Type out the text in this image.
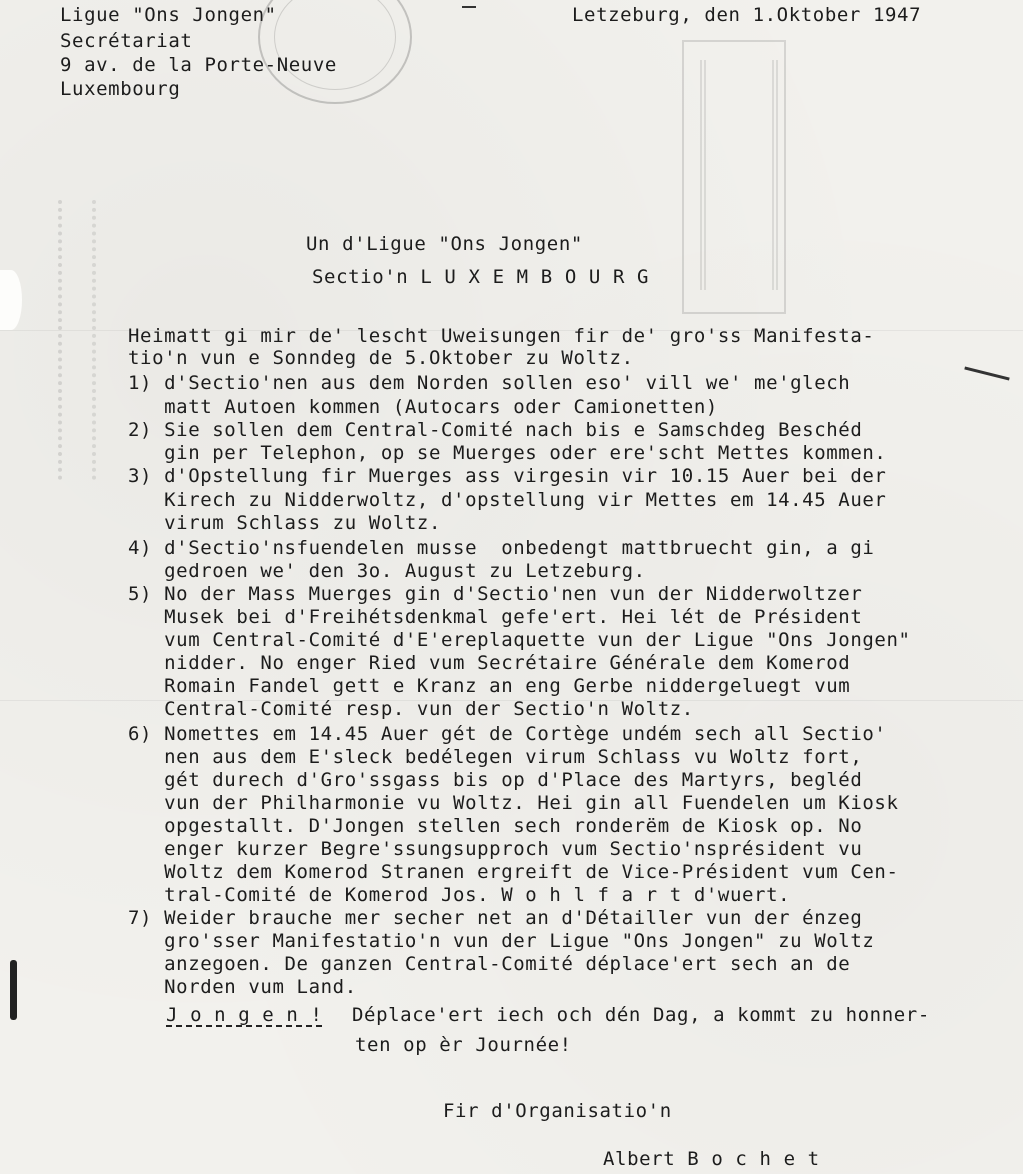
Ligue "Ons Jongen"
Secrétariat
9 av. de la Porte-Neuve
Luxembourg
Letzeburg, den 1.Oktober 1947
Un d'Ligue "Ons Jongen"
Sectio'n L U X E M B O U R G
Heimatt gi mir de' lescht Uweisungen fir de' gro'ss Manifesta-
tio'n vun e Sonndeg de 5.Oktober zu Woltz.
1) d'Sectio'nen aus dem Norden sollen eso' vill we' me'glech
matt Autoen kommen (Autocars oder Camionetten)
2) Sie sollen dem Central-Comité nach bis e Samschdeg Beschéd
gin per Telephon, op se Muerges oder ere'scht Mettes kommen.
3) d'Opstellung fir Muerges ass virgesin vir 10.15 Auer bei der
Kirech zu Nidderwoltz, d'opstellung vir Mettes em 14.45 Auer
virum Schlass zu Woltz.
4) d'Sectio'nsfuendelen musse  onbedengt mattbruecht gin, a gi
gedroen we' den 3o. August zu Letzeburg.
5) No der Mass Muerges gin d'Sectio'nen vun der Nidderwoltzer
Musek bei d'Freihétsdenkmal gefe'ert. Hei lét de Président
vum Central-Comité d'E'ereplaquette vun der Ligue "Ons Jongen"
nidder. No enger Ried vum Secrétaire Générale dem Komerod
Romain Fandel gett e Kranz an eng Gerbe niddergeluegt vum
Central-Comité resp. vun der Sectio'n Woltz.
6) Nomettes em 14.45 Auer gét de Cortège undém sech all Sectio'
nen aus dem E'sleck bedélegen virum Schlass vu Woltz fort,
gét durech d'Gro'ssgass bis op d'Place des Martyrs, begléd
vun der Philharmonie vu Woltz. Hei gin all Fuendelen um Kiosk
opgestallt. D'Jongen stellen sech ronderëm de Kiosk op. No
enger kurzer Begre'ssungsupproch vum Sectio'nsprésident vu
Woltz dem Komerod Stranen ergreift de Vice-Président vum Cen-
tral-Comité de Komerod Jos. W o h l f a r t d'wuert.
7) Weider brauche mer secher net an d'Détailler vun der énzeg
gro'sser Manifestatio'n vun der Ligue "Ons Jongen" zu Woltz
anzegoen. De ganzen Central-Comité déplace'ert sech an de
Norden vum Land.
J o n g e n ! Déplace'ert iech och dén Dag, a kommt zu honner-
ten op èr Journée!
Fir d'Organisatio'n
Albert B o c h e t
